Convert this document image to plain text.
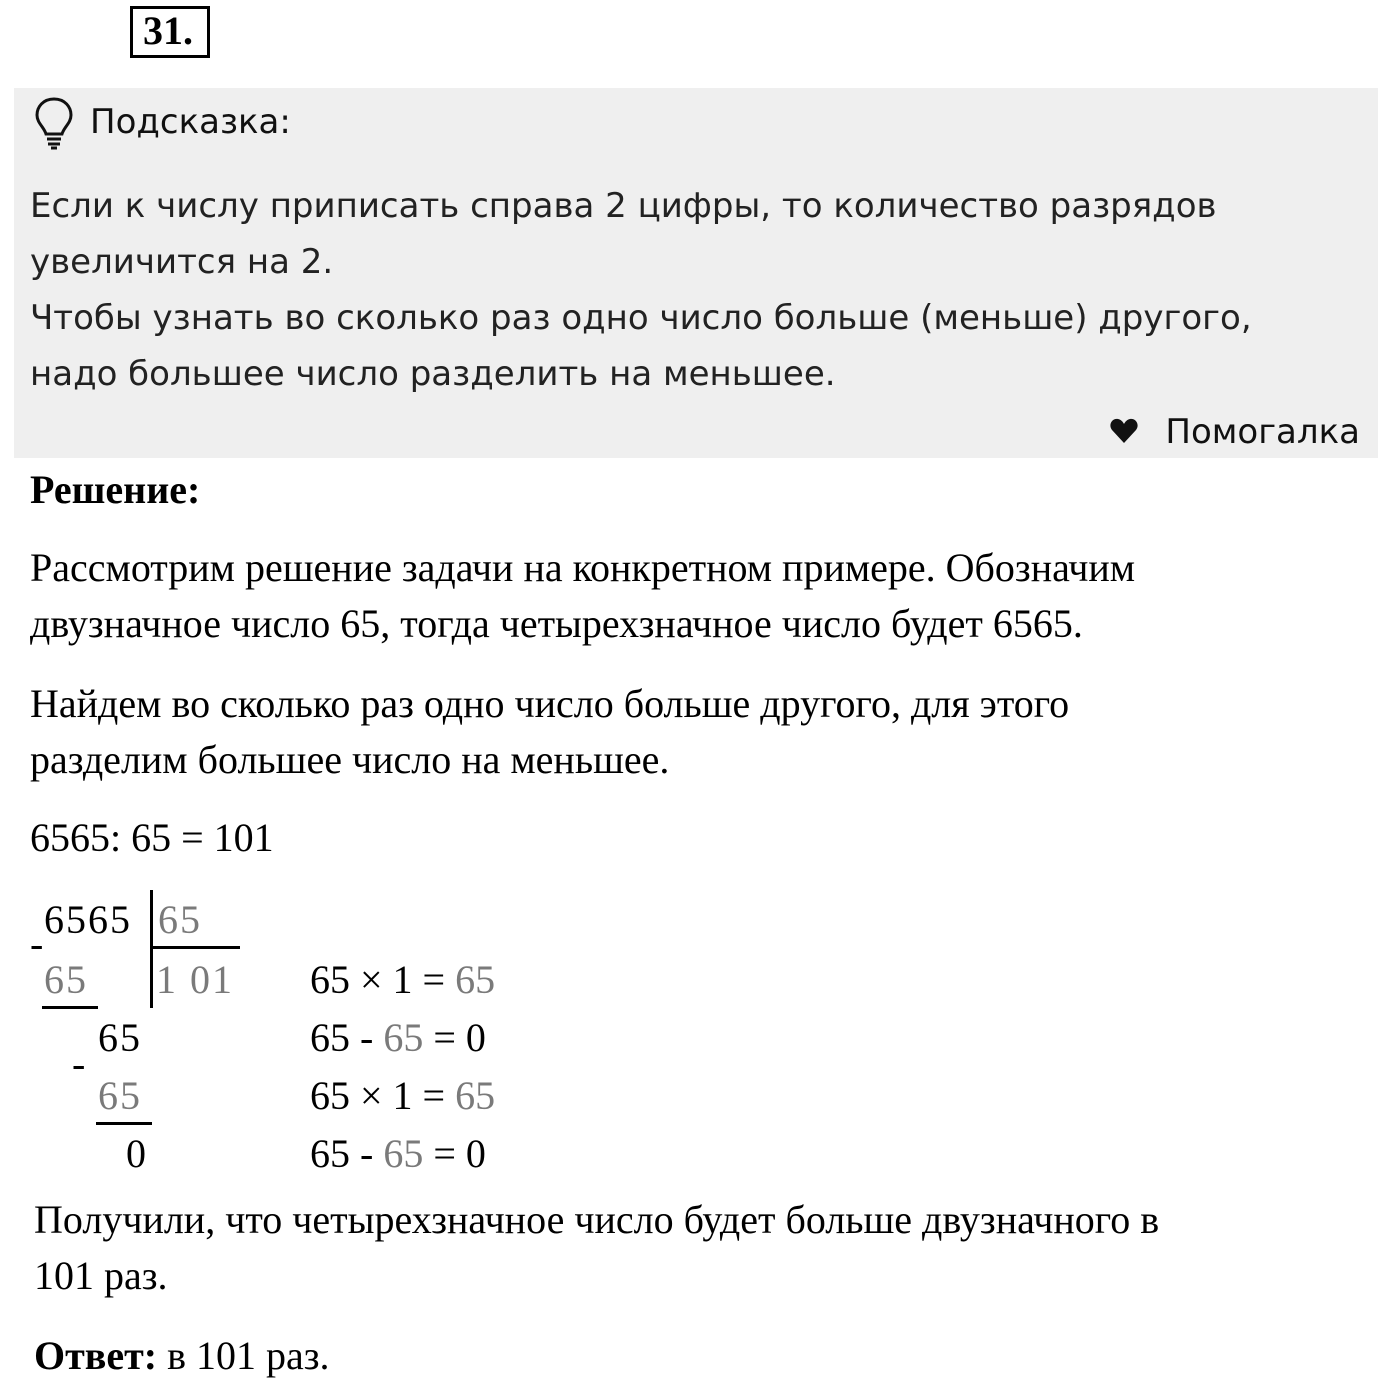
31.
Подсказка:
Если к числу приписать справа 2 цифры, то количество разрядов
увеличится на 2.
Чтобы узнать во сколько раз одно число больше (меньше) другого,
надо большее число разделить на меньшее.
Помогалка
Решение:
Рассмотрим решение задачи на конкретном примере. Обозначим
двузначное число 65, тогда четырехзначное число будет 6565.
Найдем во сколько раз одно число больше другого, для этого
разделим большее число на меньшее.
6565: 65 = 101
6565 65
1 01
-
65
65
-
65
0
65 × 1 = 65
65 - 65 = 0
65 × 1 = 65
65 - 65 = 0
Получили, что четырехзначное число будет больше двузначного в
101 раз.
Ответ: в 101 раз.
